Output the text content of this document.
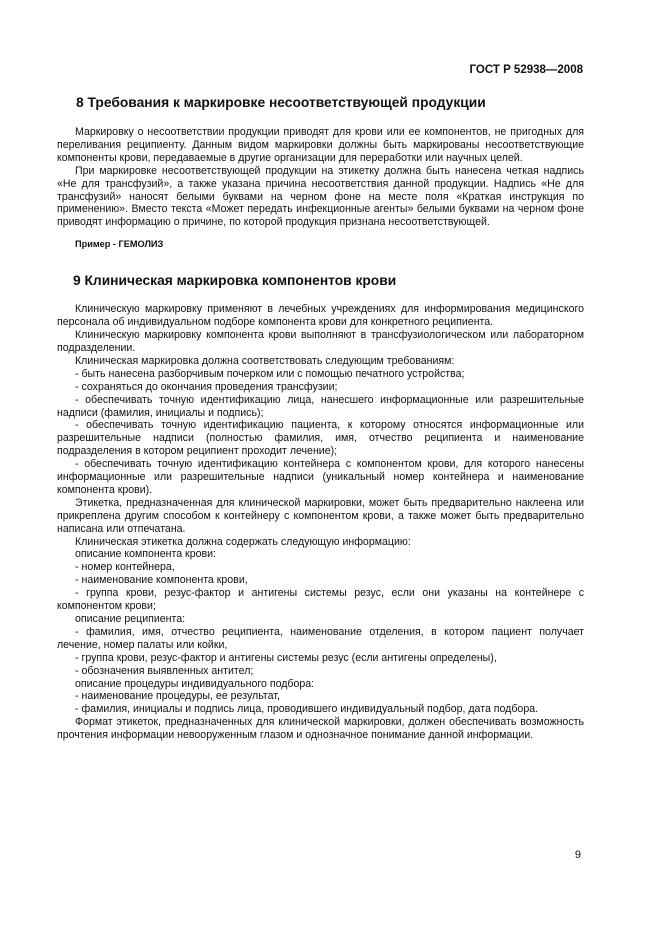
ГОСТ Р 52938—2008
8 Требования к маркировке несоответствующей продукции

Маркировку о несоответствии продукции приводят для крови или ее компонентов, не пригодных для переливания реципиенту. Данным видом маркировки должны быть маркированы несоответствующие компоненты крови, передаваемые в другие организации для переработки или научных целей.

При маркировке несоответствующей продукции на этикетку должна быть нанесена четкая надпись «Не для трансфузий», а также указана причина несоответствия данной продукции. Надпись «Не для трансфузий» наносят белыми буквами на черном фоне на месте поля «Краткая инструкция по применению». Вместо текста «Может передать инфекционные агенты» белыми буквами на черном фоне приводят информацию о причине, по которой продукция признана несоответствующей.

Пример - ГЕМОЛИЗ
9 Клиническая маркировка компонентов крови

Клиническую маркировку применяют в лечебных учреждениях для информирования медицинского персонала об индивидуальном подборе компонента крови для конкретного реципиента.

Клиническую маркировку компонента крови выполняют в трансфузиологическом или лабораторном подразделении.

Клиническая маркировка должна соответствовать следующим требованиям:

- быть нанесена разборчивым почерком или с помощью печатного устройства;

- сохраняться до окончания проведения трансфузии;

- обеспечивать точную идентификацию лица, нанесшего информационные или разрешительные надписи (фамилия, инициалы и подпись);

- обеспечивать точную идентификацию пациента, к которому относятся информационные или разрешительные надписи (полностью фамилия, имя, отчество реципиента и наименование подразделения в котором реципиент проходит лечение);

- обеспечивать точную идентификацию контейнера с компонентом крови, для которого нанесены информационные или разрешительные надписи (уникальный номер контейнера и наименование компонента крови).

Этикетка, предназначенная для клинической маркировки, может быть предварительно наклеена или прикреплена другим способом к контейнеру с компонентом крови, а также может быть предварительно написана или отпечатана.

Клиническая этикетка должна содержать следующую информацию:

описание компонента крови:

- номер контейнера,

- наименование компонента крови,

- группа крови, резус-фактор и антигены системы резус, если они указаны на контейнере с компонентом крови;

описание реципиента:

- фамилия, имя, отчество реципиента, наименование отделения, в котором пациент получает лечение, номер палаты или койки,

- группа крови, резус-фактор и антигены системы резус (если антигены определены),

- обозначения выявленных антител;

описание процедуры индивидуального подбора:

- наименование процедуры, ее результат,

- фамилия, инициалы и подпись лица, проводившего индивидуальный подбор, дата подбора.

Формат этикеток, предназначенных для клинической маркировки, должен обеспечивать возможность прочтения информации невооруженным глазом и однозначное понимание данной информации.

9
